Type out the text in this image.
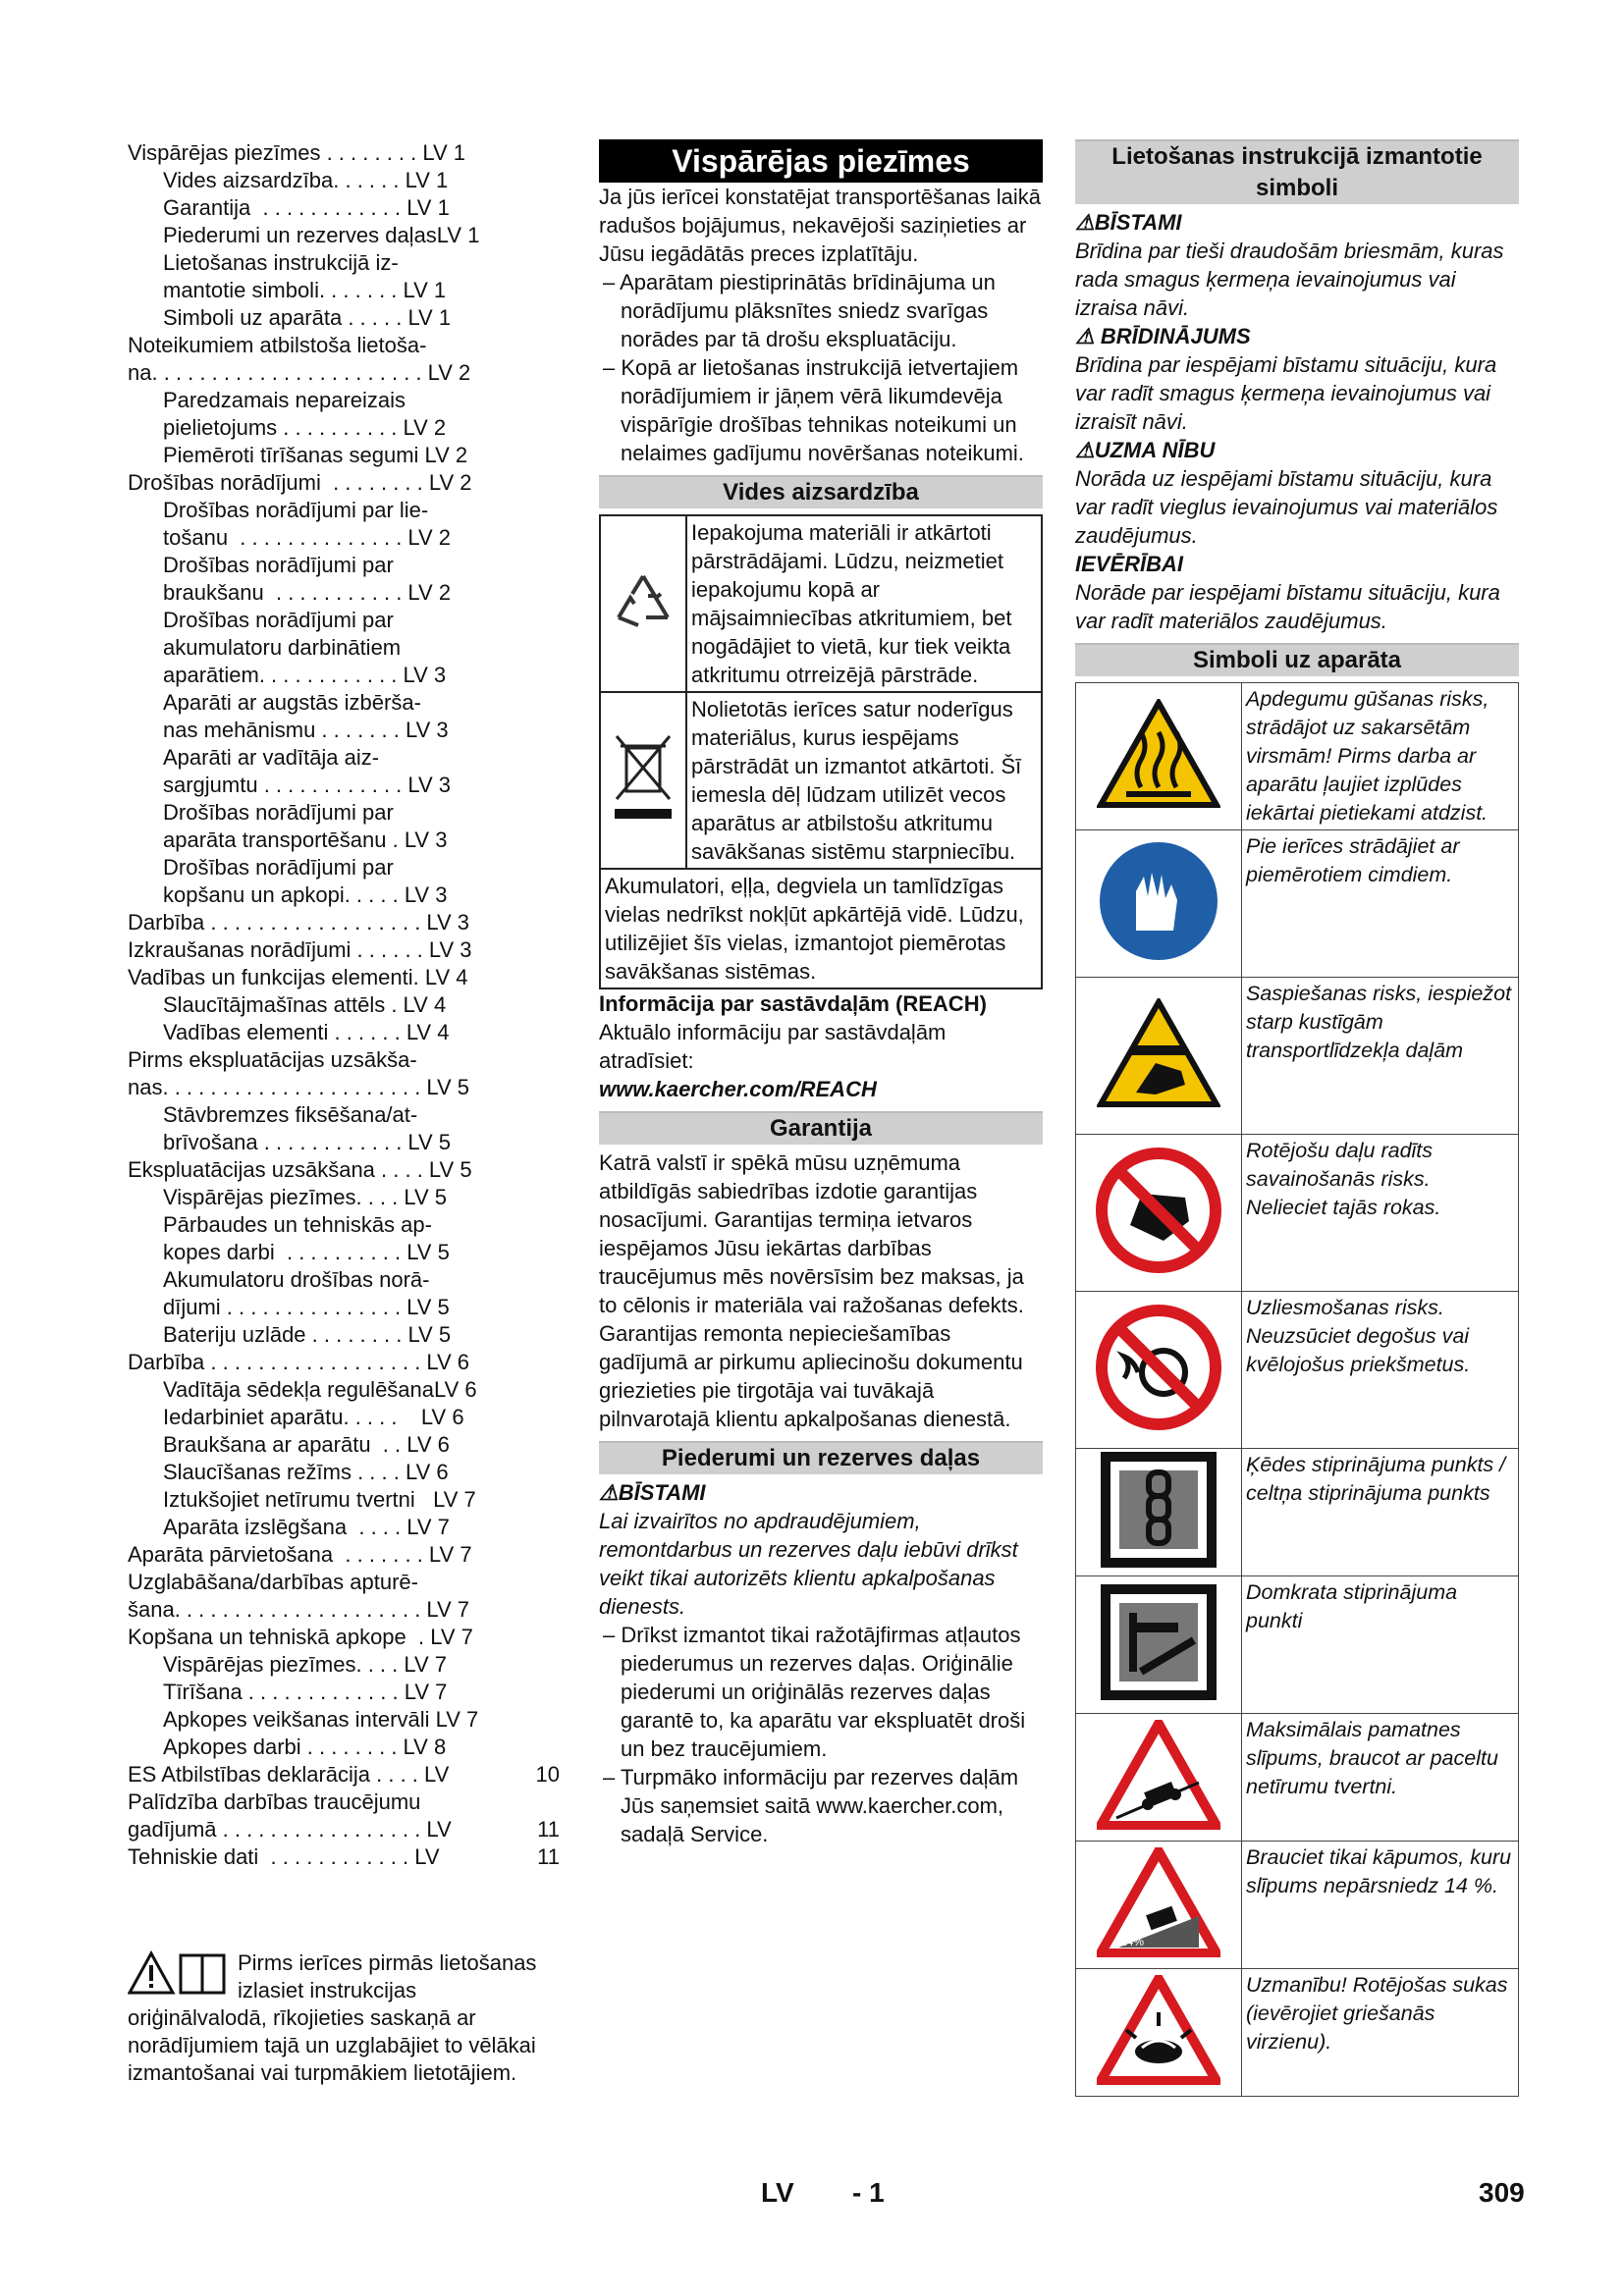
Vispārējas piezīmes . . . . . . . . LV 1
Vides aizsardzība. . . . . . LV 1
Garantija  . . . . . . . . . . . . LV 1
Piederumi un rezerves daļasLV 1
Lietošanas instrukcijā iz-
mantotie simboli. . . . . . . LV 1
Simboli uz aparāta . . . . . LV 1
Noteikumiem atbilstoša lietoša-
na. . . . . . . . . . . . . . . . . . . . . . . LV 2
Paredzamais nepareizais
pielietojums . . . . . . . . . . LV 2
Piemēroti tīrīšanas segumi LV 2
Drošības norādījumi  . . . . . . . . LV 2
Drošības norādījumi par lie-
tošanu  . . . . . . . . . . . . . . LV 2
Drošības norādījumi par
braukšanu  . . . . . . . . . . . LV 2
Drošības norādījumi par
akumulatoru darbinātiem
aparātiem. . . . . . . . . . . . LV 3
Aparāti ar augstās izbērša-
nas mehānismu . . . . . . . LV 3
Aparāti ar vadītāja aiz-
sargjumtu . . . . . . . . . . . . LV 3
Drošības norādījumi par
aparāta transportēšanu . LV 3
Drošības norādījumi par
kopšanu un apkopi. . . . . LV 3
Darbība . . . . . . . . . . . . . . . . . . LV 3
Izkraušanas norādījumi . . . . . . LV 3
Vadības un funkcijas elementi. LV 4
Slaucītājmašīnas attēls . LV 4
Vadības elementi . . . . . . LV 4
Pirms ekspluatācijas uzsākša-
nas. . . . . . . . . . . . . . . . . . . . . . LV 5
Stāvbremzes fiksēšana/at-
brīvošana . . . . . . . . . . . . LV 5
Ekspluatācijas uzsākšana . . . . LV 5
Vispārējas piezīmes. . . . LV 5
Pārbaudes un tehniskās ap-
kopes darbi  . . . . . . . . . . LV 5
Akumulatoru drošības norā-
dījumi . . . . . . . . . . . . . . . LV 5
Bateriju uzlāde . . . . . . . . LV 5
Darbība . . . . . . . . . . . . . . . . . . LV 6
Vadītāja sēdekļa regulēšanaLV 6
Iedarbiniet aparātu. . . . .    LV 6
Braukšana ar aparātu  . . LV 6
Slaucīšanas režīms . . . . LV 6
Iztukšojiet netīrumu tvertni   LV 7
Aparāta izslēgšana  . . . . LV 7
Aparāta pārvietošana  . . . . . . . LV 7
Uzglabāšana/darbības apturē-
šana. . . . . . . . . . . . . . . . . . . . . LV 7
Kopšana un tehniskā apkope  . LV 7
Vispārējas piezīmes. . . . LV 7
Tīrīšana . . . . . . . . . . . . . LV 7
Apkopes veikšanas intervāli LV 7
Apkopes darbi . . . . . . . . LV 8
ES Atbilstības deklarācija . . . . LV	10
Palīdzība darbības traucējumu
gadījumā . . . . . . . . . . . . . . . . . LV	11
Tehniskie dati  . . . . . . . . . . . . LV	11
Vispārējas piezīmes
Ja jūs ierīcei konstatējat transportēšanas laikā radušos bojājumus, nekavējoši saziņieties ar Jūsu iegādātās preces izplatītāju.
– Aparātam piestiprinātās brīdinājuma un norādījumu plāksnītes sniedz svarīgas norādes par tā drošu ekspluatāciju.
– Kopā ar lietošanas instrukcijā ietvertajiem norādījumiem ir jāņem vērā likumdevēja vispārīgie drošības tehnikas noteikumi un nelaimes gadījumu novēršanas noteikumi.
Vides aizsardzība
	Iepakojuma materiāli ir atkārtoti pārstrādājami. Lūdzu, neizmetiet iepakojumu kopā ar mājsaimniecības atkritumiem, bet nogādājiet to vietā, kur tiek veikta atkritumu otrreizējā pārstrāde.
	Nolietotās ierīces satur noderīgus materiālus, kurus iespējams pārstrādāt un izmantot atkārtoti. Šī iemesla dēļ lūdzam utilizēt vecos aparātus ar atbilstošu atkritumu savākšanas sistēmu starpniecību.
Akumulatori, eļļa, degviela un tamlīdzīgas vielas nedrīkst nokļūt apkārtējā vidē. Lūdzu, utilizējiet šīs vielas, izmantojot piemērotas savākšanas sistēmas.	
Informācija par sastāvdaļām (REACH)
Aktuālo informāciju par sastāvdaļām atradīsiet:
www.kaercher.com/REACH
Garantija
Katrā valstī ir spēkā mūsu uzņēmuma atbildīgās sabiedrības izdotie garantijas nosacījumi. Garantijas termiņa ietvaros iespējamos Jūsu iekārtas darbības traucējumus mēs novērsīsim bez maksas, ja to cēlonis ir materiāla vai ražošanas defekts. Garantijas remonta nepieciešamības gadījumā ar pirkumu apliecinošu dokumentu griezieties pie tirgotāja vai tuvākajā pilnvarotajā klientu apkalpošanas dienestā.
Piederumi un rezerves daļas
⚠BĪSTAMI
Lai izvairītos no apdraudējumiem, remontdarbus un rezerves daļu iebūvi drīkst veikt tikai autorizēts klientu apkalpošanas dienests.
– Drīkst izmantot tikai ražotājfirmas atļautos piederumus un rezerves daļas. Oriģinālie piederumi un oriģinālās rezerves daļas garantē to, ka aparātu var ekspluatēt droši un bez traucējumiem.
– Turpmāko informāciju par rezerves daļām Jūs saņemsiet saitā www.kaercher.com, sadaļā Service.
Lietošanas instrukcijā izmantotie simboli
⚠BĪSTAMI
Brīdina par tieši draudošām briesmām, kuras rada smagus ķermeņa ievainojumus vai izraisa nāvi.
⚠ BRĪDINĀJUMS
Brīdina par iespējami bīstamu situāciju, kura var radīt smagus ķermeņa ievainojumus vai izraisīt nāvi.
⚠UZMA NĪBU
Norāda uz iespējami bīstamu situāciju, kura var radīt vieglus ievainojumus vai materiālos zaudējumus.
IEVĒRĪBAI
Norāde par iespējami bīstamu situāciju, kura var radīt materiālos zaudējumus.
Simboli uz aparāta
	Apdegumu gūšanas risks, strādājot uz sakarsētām virsmām! Pirms darba ar aparātu ļaujiet izplūdes iekārtai pietiekami atdzist.
	Pie ierīces strādājiet ar piemērotiem cimdiem.
	Saspiešanas risks, iespiežot starp kustīgām transportlīdzekļa daļām
	Rotējošu daļu radīts savainošanās risks. Nelieciet tajās rokas.
	Uzliesmošanas risks. Neuzsūciet degošus vai kvēlojošus priekšmetus.
	Ķēdes stiprinājuma punkts / celtņa stiprinājuma punkts
	Domkrata stiprinājuma punkti
	Maksimālais pamatnes slīpums, braucot ar paceltu netīrumu tvertni.

14%	Brauciet tikai kāpumos, kuru slīpums nepārsniedz 14 %.
	Uzmanību! Rotējošas sukas (ievērojiet griešanās virzienu).
Pirms ierīces pirmās lietošanas izlasiet instrukcijas oriģinālvalodā, rīkojieties saskaņā ar norādījumiem tajā un uzglabājiet to vēlākai izmantošanai vai turpmākiem lietotājiem.
LV - 1	309
